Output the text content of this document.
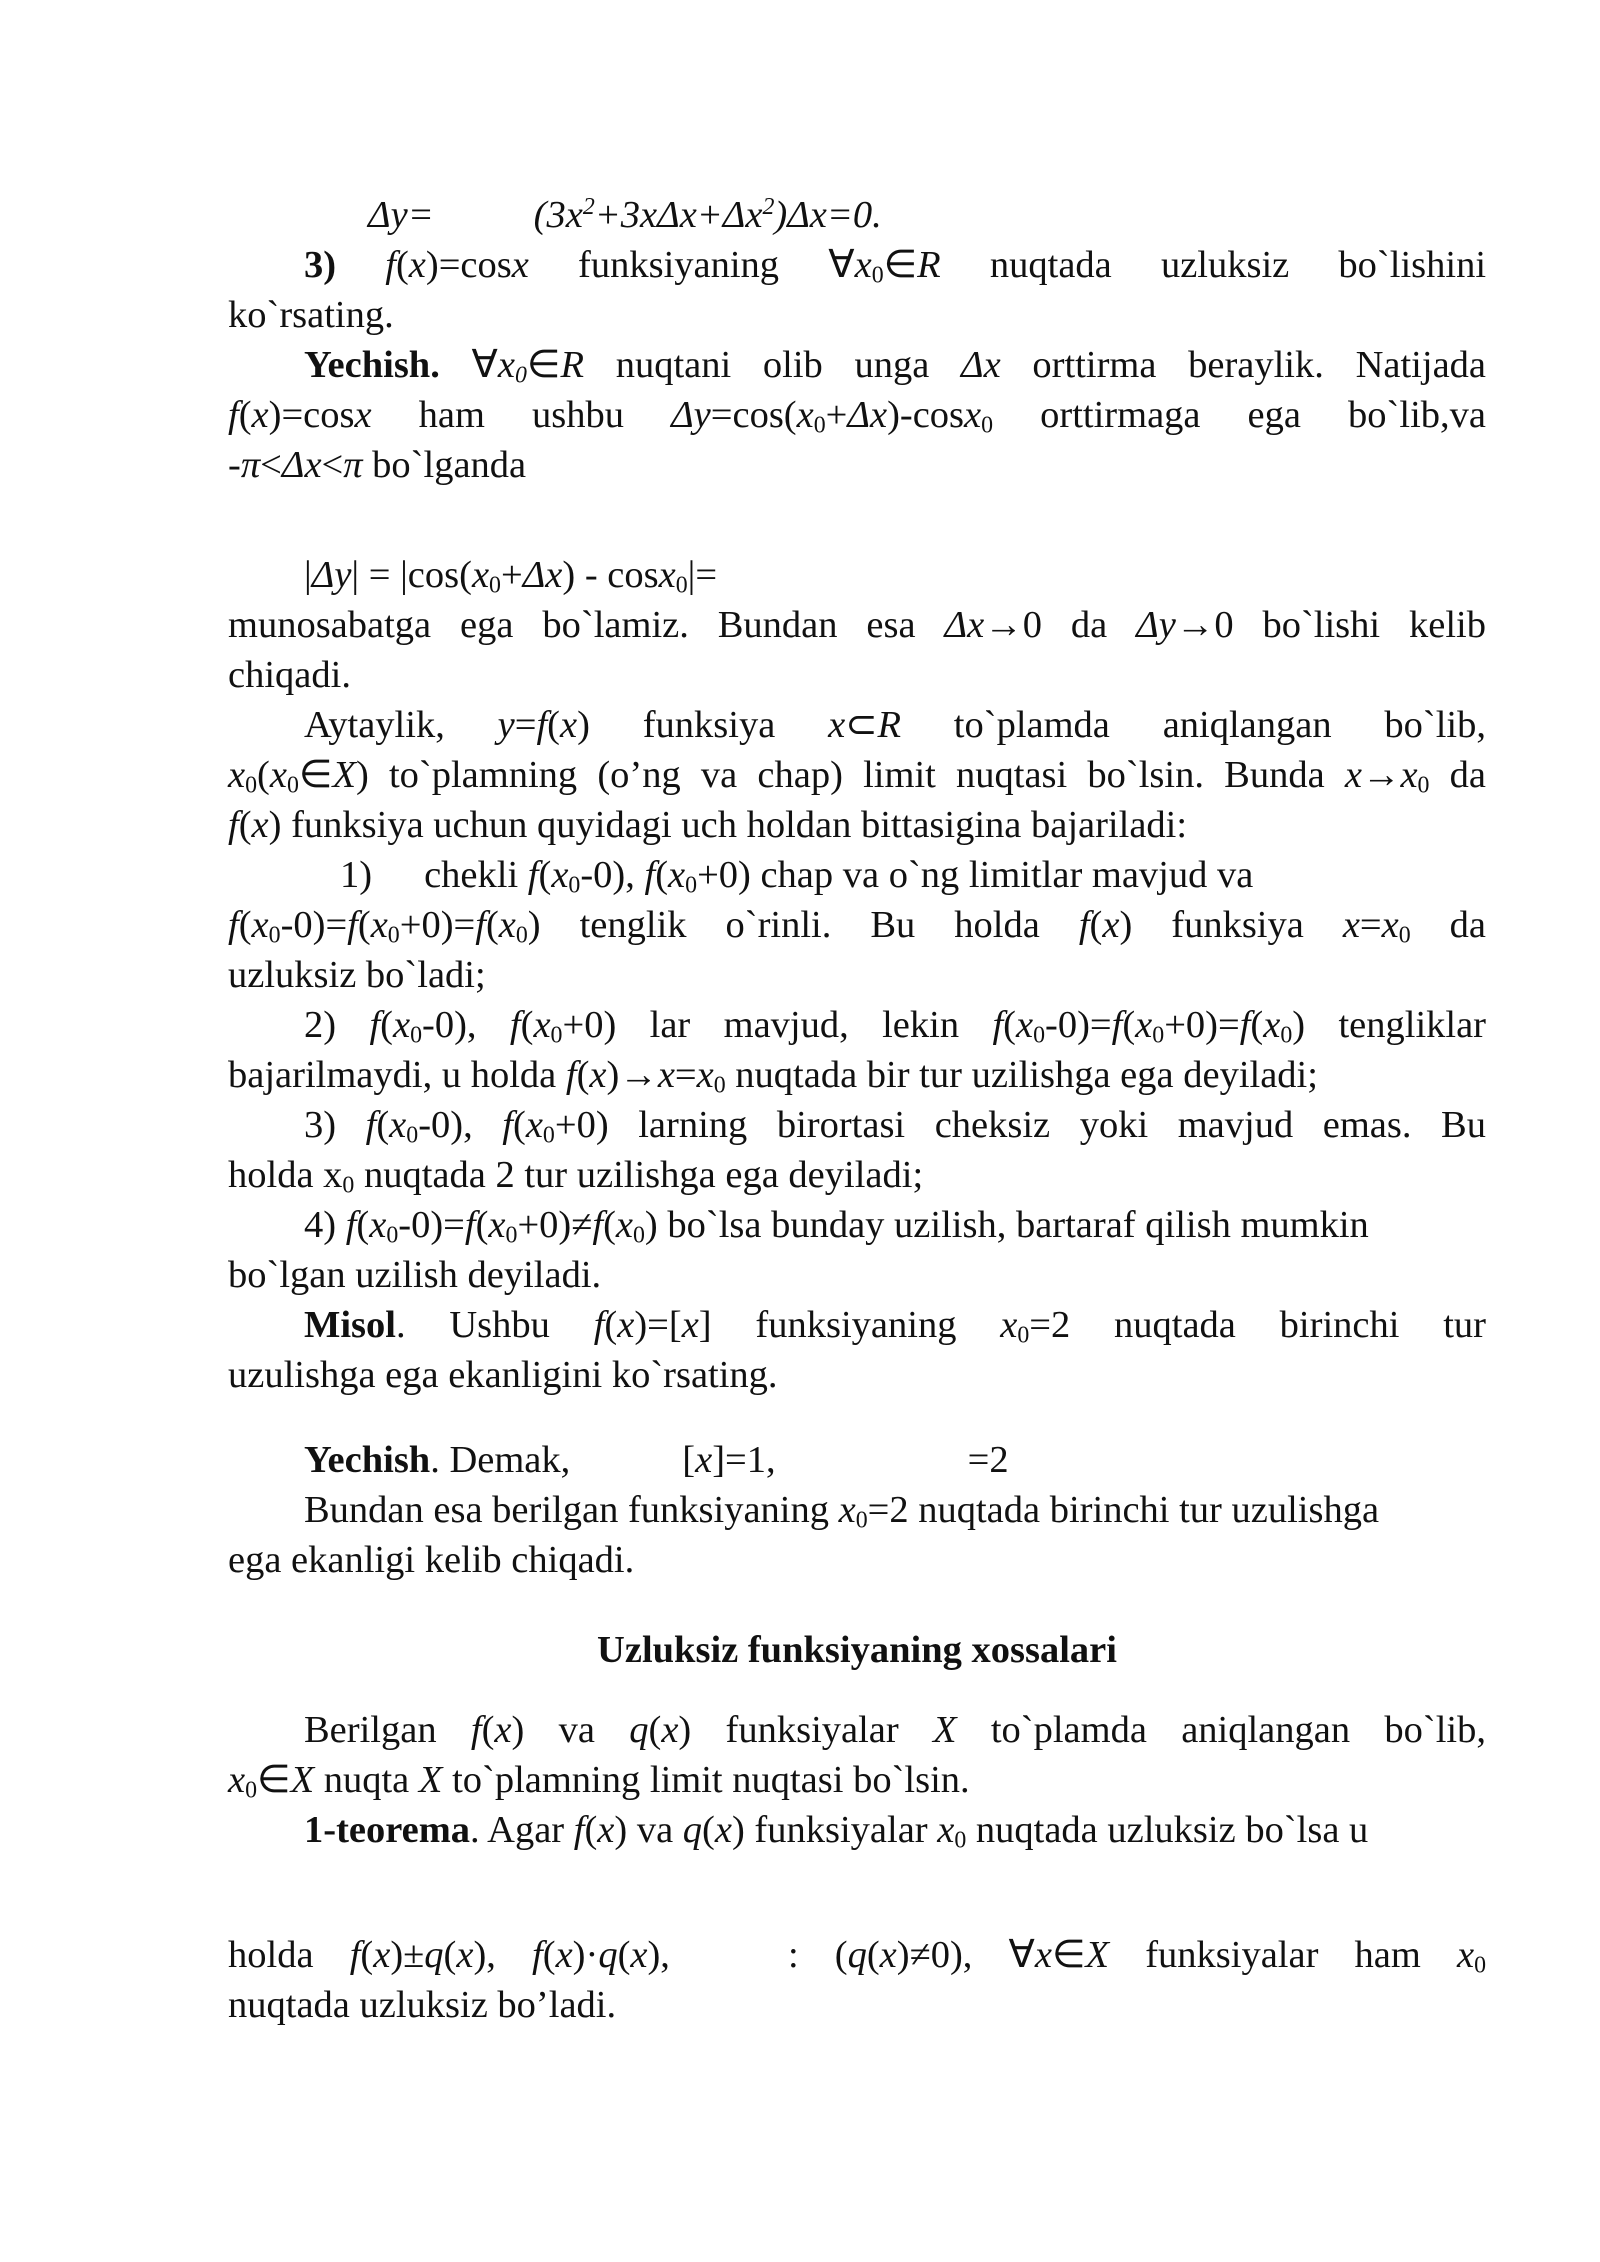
Δy=	$(3x^2+3x\Delta x+\Delta x^2)\Delta x=0$.
3) f(x)=cosx funksiyaning $\forall x_0\in R$ nuqtada uzluksiz bo`lishini
ko`rsating.
Yechish. $\forall x_0\in R$ nuqtani olib unga Δx orttirma beraylik. Natijada
f(x)=cosx ham ushbu $\Delta y=\cos(x_0+\Delta x)-\cos x_0$ orttirmaga ega bo`lib,va
-π<Δx<π bo`lganda
$|\Delta y| = |\cos(x_0+\Delta x) - \cos x_0|=$
munosabatga ega bo`lamiz. Bundan esa Δx→0 da Δy→0 bo`lishi kelib
chiqadi.
Aytaylik, y=f(x) funksiya x⊂R to`plamda aniqlangan bo`lib,
$x_0(x_0\in X)$ to`plamning (o’ng va chap) limit nuqtasi bo`lsin. Bunda $x\to x_0$ da
f(x) funksiya uchun quyidagi uch holdan bittasigina bajariladi:
1) chekli $f(x_0-0)$, $f(x_0+0)$ chap va o`ng limitlar mavjud va
$f(x_0-0)=f(x_0+0)=f(x_0)$ tenglik o`rinli. Bu holda f(x) funksiya $x=x_0$ da
uzluksiz bo`ladi;
2) $f(x_0-0)$, $f(x_0+0)$ lar mavjud, lekin $f(x_0-0)=f(x_0+0)=f(x_0)$ tengliklar
bajarilmaydi, u holda $f(x)\to x=x_0$ nuqtada bir tur uzilishga ega deyiladi;
3) $f(x_0-0)$, $f(x_0+0)$ larning birortasi cheksiz yoki mavjud emas. Bu
holda $x_0$ nuqtada 2 tur uzilishga ega deyiladi;
4) $f(x_0-0)=f(x_0+0)\ne f(x_0)$ bo`lsa bunday uzilish, bartaraf qilish mumkin
bo`lgan uzilish deyiladi.
Misol. Ushbu f(x)=[x] funksiyaning $x_0=2$ nuqtada birinchi tur
uzulishga ega ekanligini ko`rsating.
Yechish. Demak,	[x]=1,	=2
Bundan esa berilgan funksiyaning $x_0=2$ nuqtada birinchi tur uzulishga
ega ekanligi kelib chiqadi.
Uzluksiz funksiyaning xossalari
Berilgan f(x) va q(x) funksiyalar X to`plamda aniqlangan bo`lib,
$x_0\in X$ nuqta X to`plamning limit nuqtasi bo`lsin.
1-teorema. Agar f(x) va q(x) funksiyalar $x_0$ nuqtada uzluksiz bo`lsa u
holda f(x)±q(x), f(x)·q(x),	: (q(x)≠0), ∀x∈X funksiyalar ham $x_0$
nuqtada uzluksiz bo’ladi.
